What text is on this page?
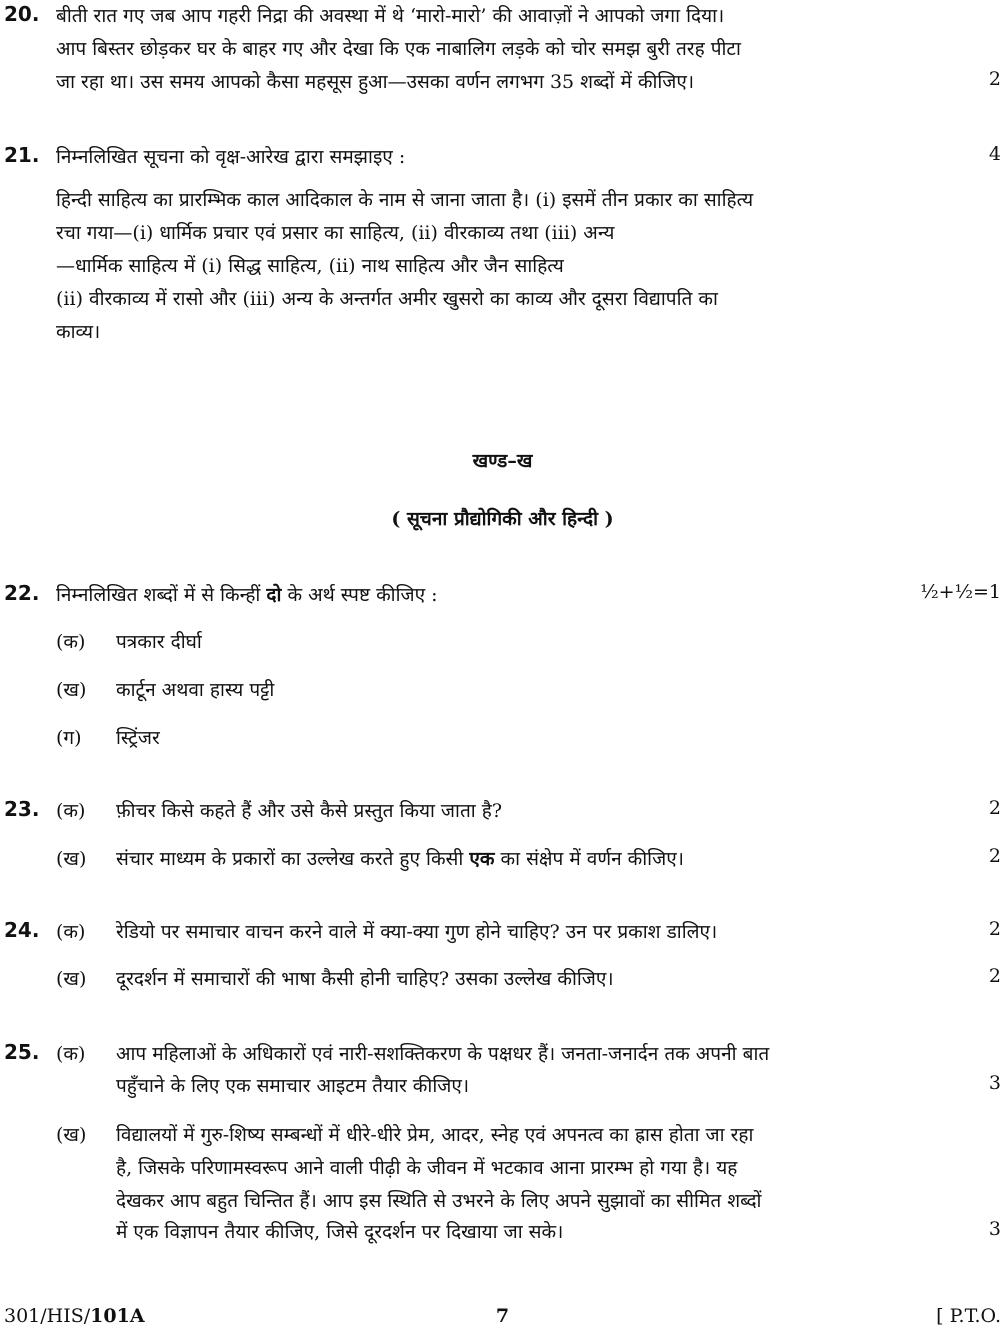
20. बीती रात गए जब आप गहरी निद्रा की अवस्था में थे ‘मारो-मारो’ की आवाज़ों ने आपको जगा दिया।
आप बिस्तर छोड़कर घर के बाहर गए और देखा कि एक नाबालिग लड़के को चोर समझ बुरी तरह पीटा
जा रहा था। उस समय आपको कैसा महसूस हुआ—उसका वर्णन लगभग 35 शब्दों में कीजिए।	2
21. निम्नलिखित सूचना को वृक्ष-आरेख द्वारा समझाइए :	4
हिन्दी साहित्य का प्रारम्भिक काल आदिकाल के नाम से जाना जाता है। (i) इसमें तीन प्रकार का साहित्य
रचा गया—(i) धार्मिक प्रचार एवं प्रसार का साहित्य, (ii) वीरकाव्य तथा (iii) अन्य
—धार्मिक साहित्य में (i) सिद्ध साहित्य, (ii) नाथ साहित्य और जैन साहित्य
(ii) वीरकाव्य में रासो और (iii) अन्य के अन्तर्गत अमीर खुसरो का काव्य और दूसरा विद्यापति का
काव्य।
खण्ड–ख
( सूचना प्रौद्योगिकी और हिन्दी )
22. निम्नलिखित शब्दों में से किन्हीं दो के अर्थ स्पष्ट कीजिए :	½+½=1
(क) पत्रकार दीर्घा
(ख) कार्टून अथवा हास्य पट्टी
(ग) स्ट्रिंजर
23. (क) फ़ीचर किसे कहते हैं और उसे कैसे प्रस्तुत किया जाता है?	2
(ख) संचार माध्यम के प्रकारों का उल्लेख करते हुए किसी एक का संक्षेप में वर्णन कीजिए।	2
24. (क) रेडियो पर समाचार वाचन करने वाले में क्या-क्या गुण होने चाहिए? उन पर प्रकाश डालिए।	2
(ख) दूरदर्शन में समाचारों की भाषा कैसी होनी चाहिए? उसका उल्लेख कीजिए।	2
25. (क) आप महिलाओं के अधिकारों एवं नारी-सशक्तिकरण के पक्षधर हैं। जनता-जनार्दन तक अपनी बात
पहुँचाने के लिए एक समाचार आइटम तैयार कीजिए।	3
(ख) विद्यालयों में गुरु-शिष्य सम्बन्धों में धीरे-धीरे प्रेम, आदर, स्नेह एवं अपनत्व का ह्रास होता जा रहा
है, जिसके परिणामस्वरूप आने वाली पीढ़ी के जीवन में भटकाव आना प्रारम्भ हो गया है। यह
देखकर आप बहुत चिन्तित हैं। आप इस स्थिति से उभरने के लिए अपने सुझावों का सीमित शब्दों
में एक विज्ञापन तैयार कीजिए, जिसे दूरदर्शन पर दिखाया जा सके।	3
301/HIS/101A	7	[ P.T.O.
